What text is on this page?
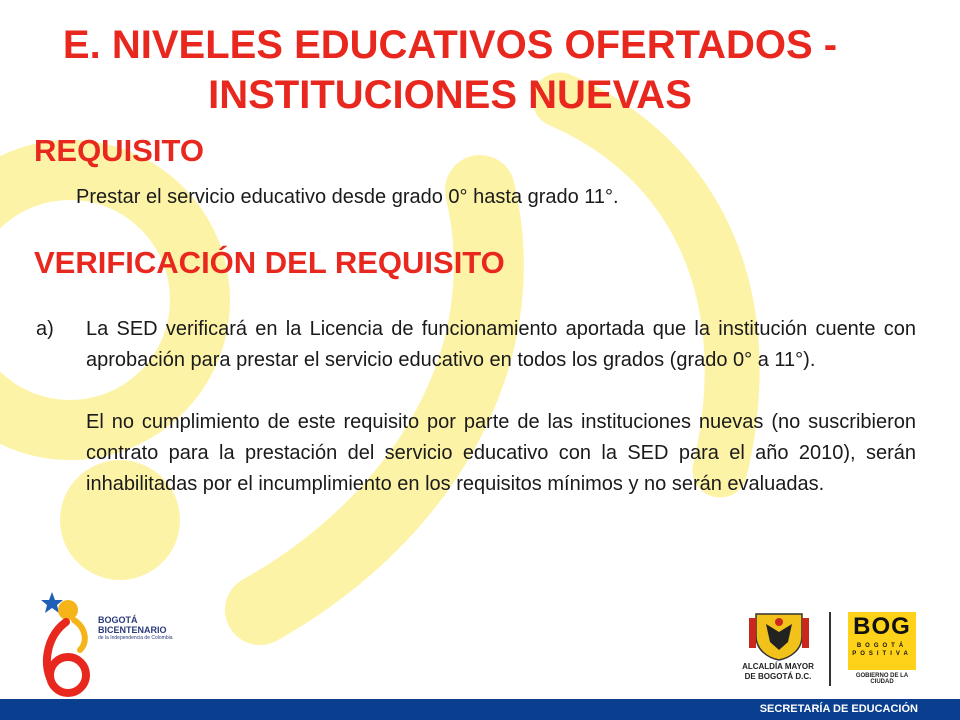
E. NIVELES EDUCATIVOS OFERTADOS -
INSTITUCIONES NUEVAS
REQUISITO
Prestar el servicio educativo desde grado 0° hasta grado 11°.
VERIFICACIÓN DEL REQUISITO
a)	La SED verificará en la Licencia de funcionamiento aportada que la institución cuente con aprobación para prestar el servicio educativo en todos los grados (grado 0° a 11°).

El no cumplimiento de este requisito por parte de las instituciones nuevas (no suscribieron contrato para la prestación del servicio educativo con la SED para el año 2010), serán inhabilitadas por el incumplimiento en los requisitos mínimos y no serán evaluadas.

BOGOTÁ
BICENTENARIO
de la Independencia de Colombia
ALCALDÍA MAYOR
DE BOGOTÁ D.C.
BOG
BOGOTÁ
POSITIVA
GOBIERNO DE LA CIUDAD
SECRETARÍA DE EDUCACIÓN
